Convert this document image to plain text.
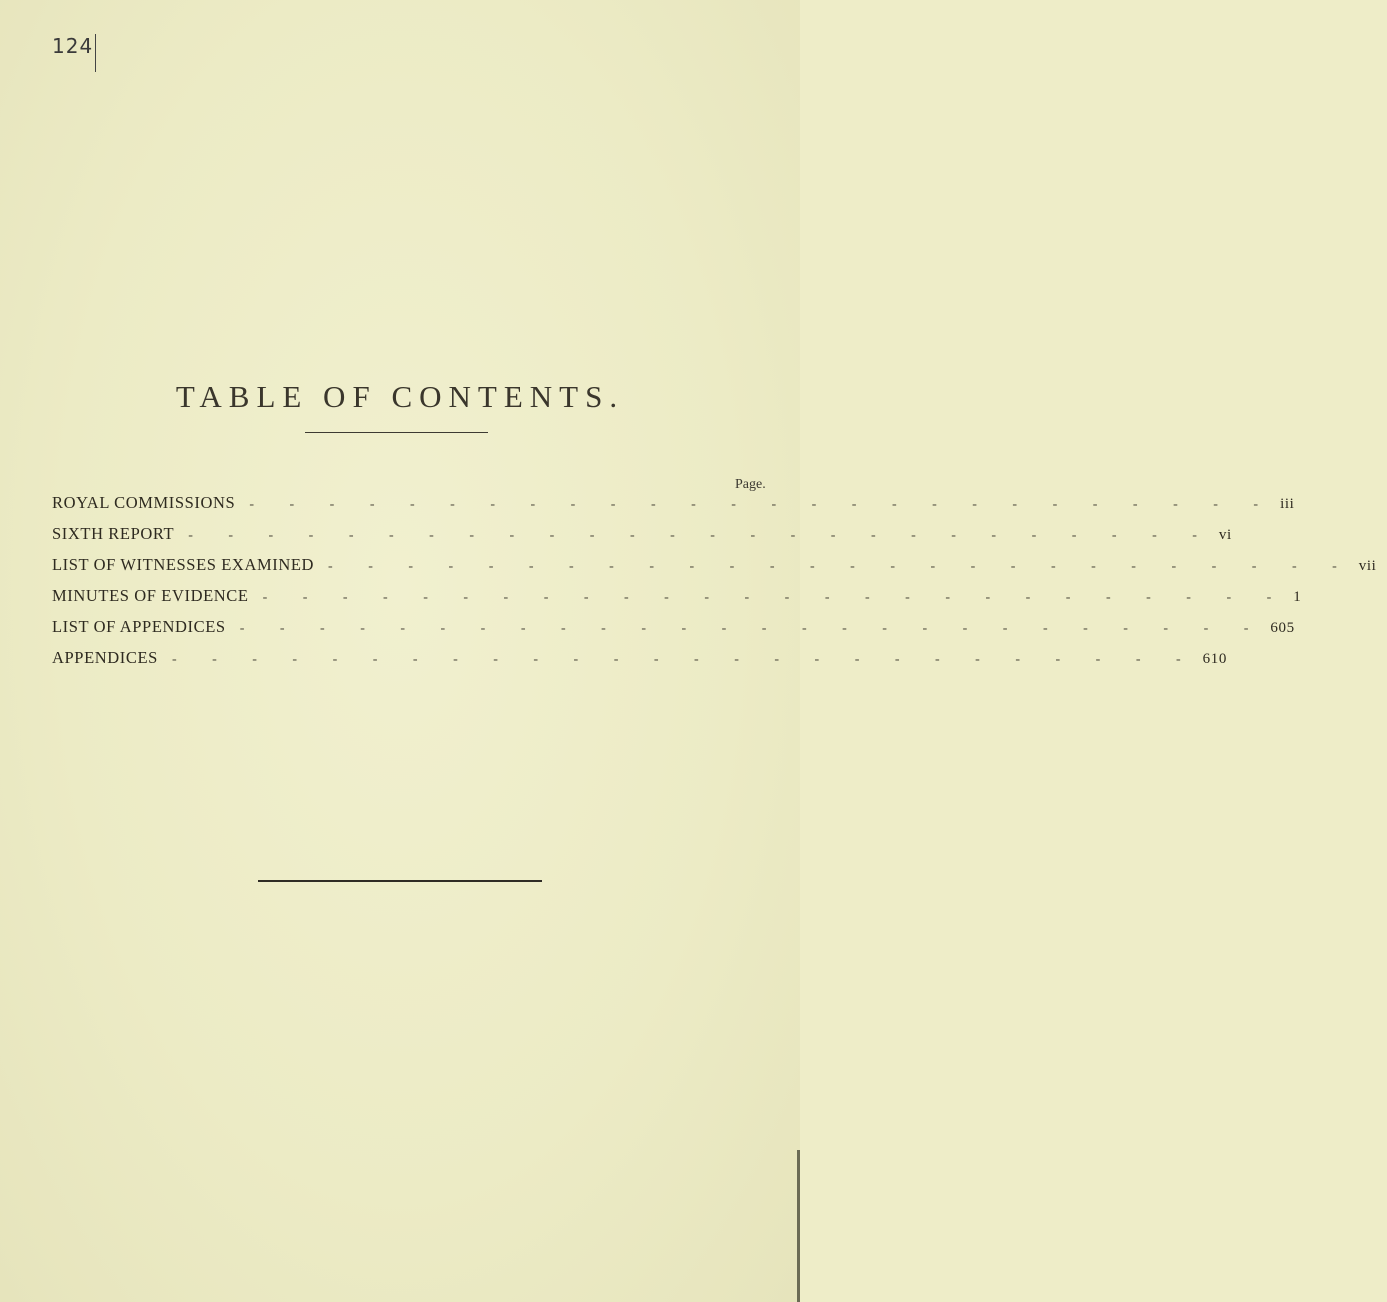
124
TABLE OF CONTENTS.
Page.
ROYAL COMMISSIONS - - - - - - - - - - - - - - - - - - - - - - - - - - iii
SIXTH REPORT - - - - - - - - - - - - - - - - - - - - - - - - - - vi
LIST OF WITNESSES EXAMINED - - - - - - - - - - - - - - - - - - - - - - - - - - vii
MINUTES OF EVIDENCE - - - - - - - - - - - - - - - - - - - - - - - - - - 1
LIST OF APPENDICES - - - - - - - - - - - - - - - - - - - - - - - - - - 605
APPENDICES - - - - - - - - - - - - - - - - - - - - - - - - - - 610
